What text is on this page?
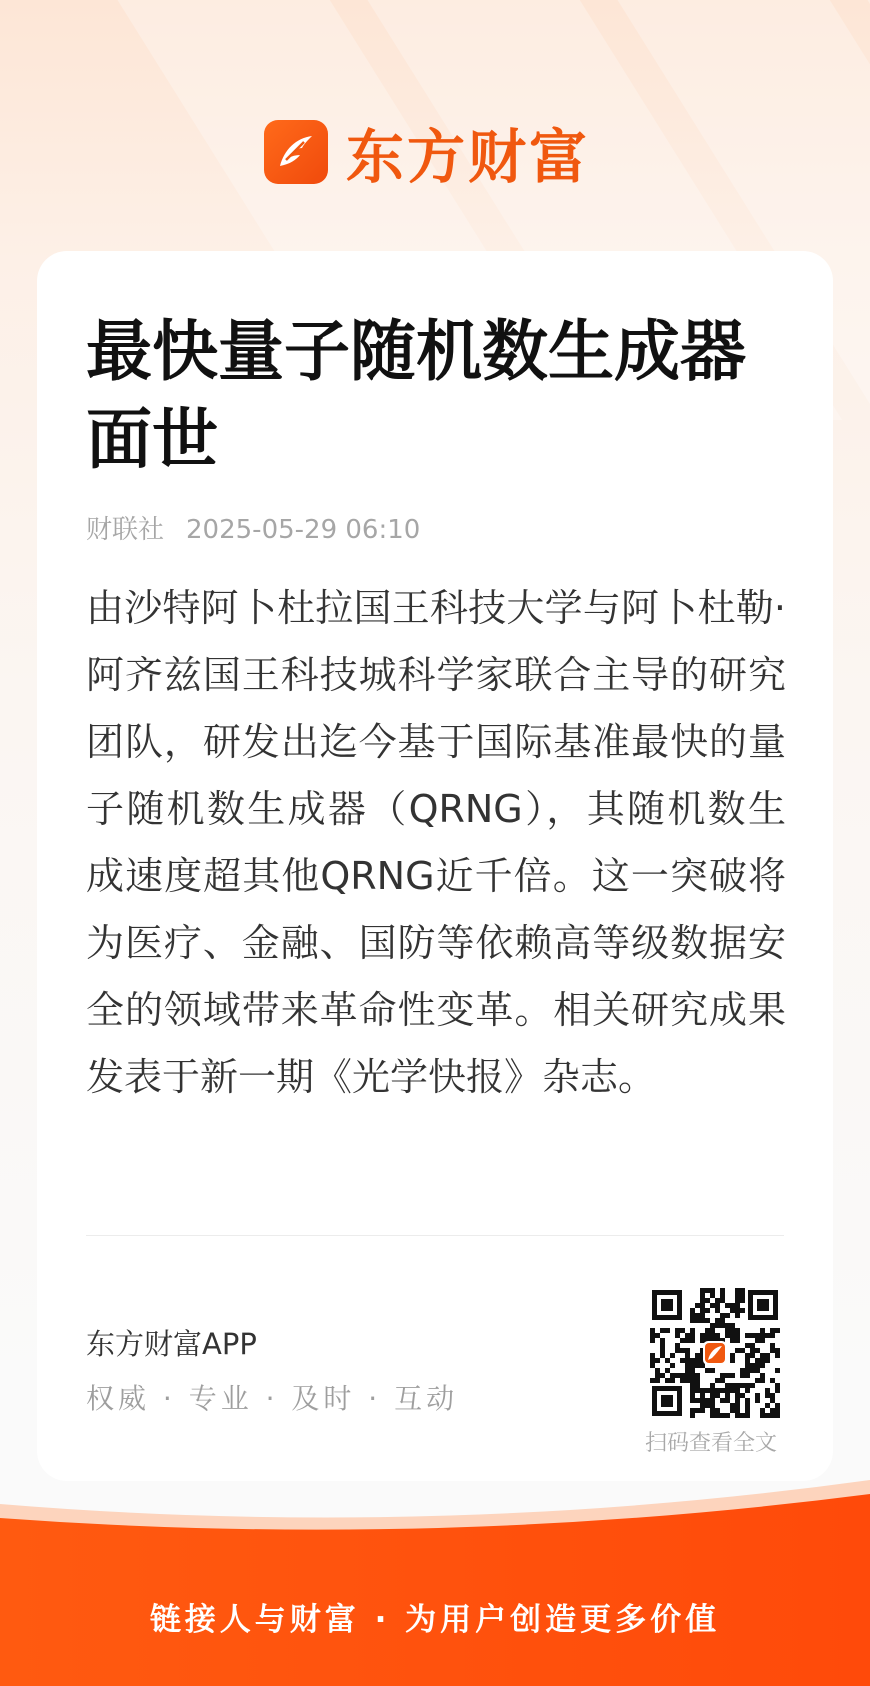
东方财富
最快量子随机数生成器面世
财联社 2025-05-29 06:10

由沙特阿卜杜拉国王科技大学与阿卜杜勒·阿齐兹国王科技城科学家联合主导的研究团队，研发出迄今基于国际基准最快的量子随机数生成器（QRNG），其随机数生成速度超其他QRNG近千倍。这一突破将为医疗、金融、国防等依赖高等级数据安全的领域带来革命性变革。相关研究成果发表于新一期《光学快报》杂志。

东方财富APP
权威 · 专业 · 及时 · 互动
扫码查看全文
链接人与财富 · 为用户创造更多价值
